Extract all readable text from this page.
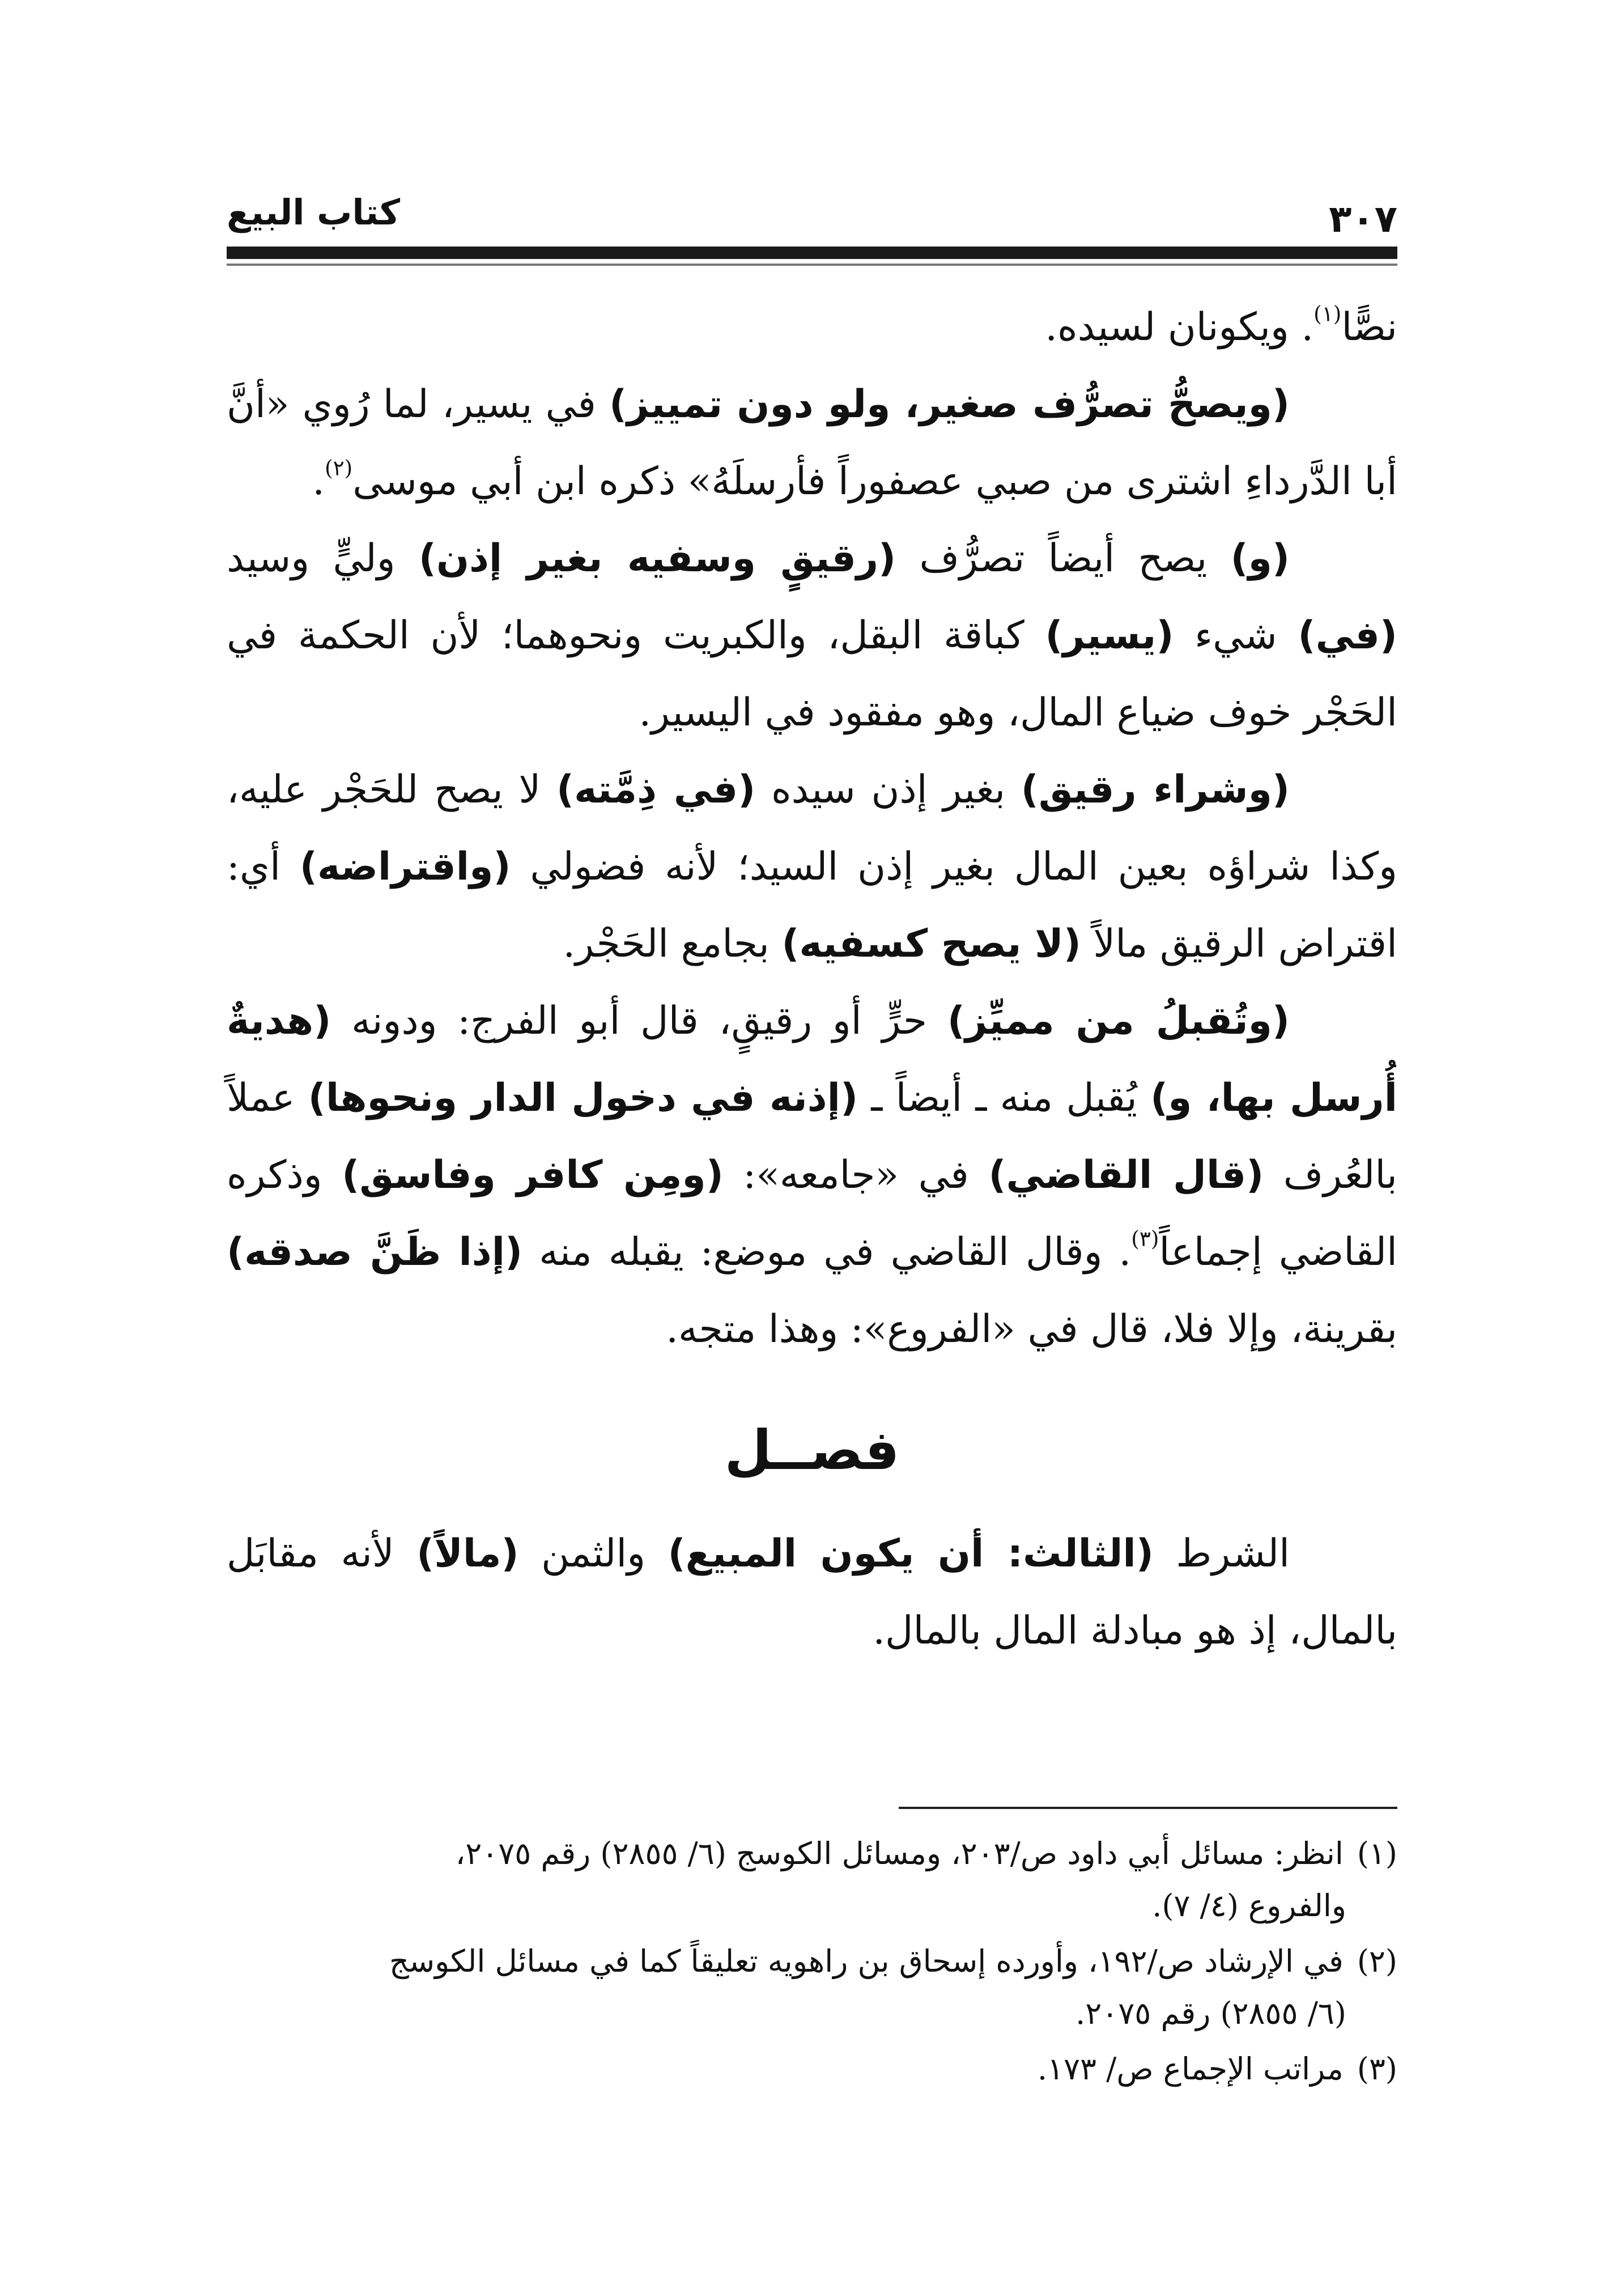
٣٠٧
كتاب البيع

نصًّا$^{(١)}$. ويكونان لسيده.

(ويصحُّ تصرُّف صغير، ولو دون تمييز) في يسير، لما رُوي «أنَّ أبا الدَّرداءِ اشترى من صبي عصفوراً فأرسلَهُ» ذكره ابن أبي موسى$^{(٢)}$.

(و) يصح أيضاً تصرُّف (رقيقٍ وسفيه بغير إذن) وليٍّ وسيد (في) شيء (يسير) كباقة البقل، والكبريت ونحوهما؛ لأن الحكمة في الحَجْر خوف ضياع المال، وهو مفقود في اليسير.

(وشراء رقيق) بغير إذن سيده (في ذِمَّته) لا يصح للحَجْر عليه، وكذا شراؤه بعين المال بغير إذن السيد؛ لأنه فضولي (واقتراضه) أي: اقتراض الرقيق مالاً (لا يصح كسفيه) بجامع الحَجْر.

(وتُقبلُ من مميِّز) حرٍّ أو رقيقٍ، قال أبو الفرج: ودونه (هديةٌ أُرسل بها، و) يُقبل منه ـ أيضاً ـ (إذنه في دخول الدار ونحوها) عملاً بالعُرف (قال القاضي) في «جامعه»: (ومِن كافر وفاسق) وذكره القاضي إجماعاً$^{(٣)}$. وقال القاضي في موضع: يقبله منه (إذا ظَنَّ صدقه) بقرينة، وإلا فلا، قال في «الفروع»: وهذا متجه.

فصــل

الشرط (الثالث: أن يكون المبيع) والثمن (مالاً) لأنه مقابَل بالمال، إذ هو مبادلة المال بالمال.

(١)انظر: مسائل أبي داود ص/٢٠٣، ومسائل الكوسج (٦/ ٢٨٥٥) رقم ٢٠٧٥،
والفروع (٤/ ٧).
(٢)في الإرشاد ص/١٩٢، وأورده إسحاق بن راهويه تعليقاً كما في مسائل الكوسج
(٦/ ٢٨٥٥) رقم ٢٠٧٥.
(٣)مراتب الإجماع ص/ ١٧٣.
